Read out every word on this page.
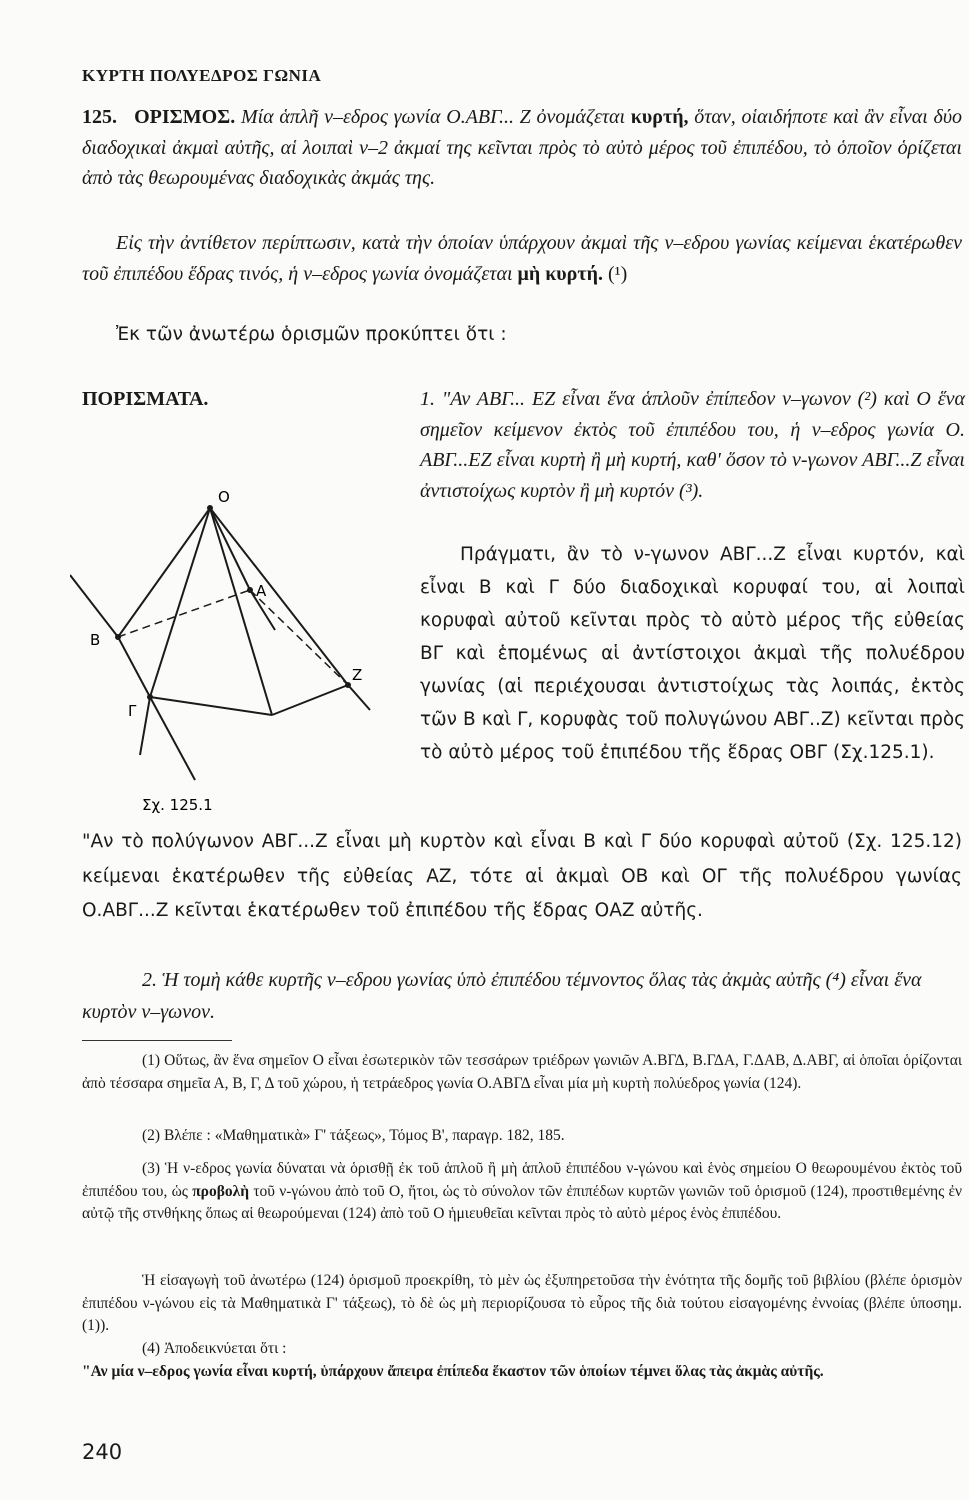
ΚΥΡΤΗ ΠΟΛΥΕΔΡΟΣ ΓΩΝΙΑ
125. ΟΡΙΣΜΟΣ. Μία ἁπλῆ ν–εδρος γωνία Ο.ΑΒΓ... Ζ ὀνομάζεται κυρτή, ὅταν, οἱαιδήποτε καὶ ἂν εἶναι δύο διαδοχικαὶ ἀκμαὶ αὐτῆς, αἱ λοιπαὶ ν–2 ἀκμαί της κεῖνται πρὸς τὸ αὐτὸ μέρος τοῦ ἐπιπέδου, τὸ ὁποῖον ὁρίζεται ἀπὸ τὰς θεωρουμένας διαδοχικὰς ἀκμάς της.
Εἰς τὴν ἀντίθετον περίπτωσιν, κατὰ τὴν ὁποίαν ὑπάρχουν ἀκμαὶ τῆς ν–εδρου γωνίας κείμεναι ἑκατέρωθεν τοῦ ἐπιπέδου ἕδρας τινός, ἡ ν–εδρος γωνία ὀνομάζεται μὴ κυρτή. (¹)
Ἐκ τῶν ἀνωτέρω ὁρισμῶν προκύπτει ὅτι :
ΠΟΡΙΣΜΑΤΑ.	1. "Αν ΑΒΓ... ΕΖ εἶναι ἕνα ἁπλοῦν ἐπίπεδον ν–γωνον (²) καὶ Ο ἕνα σημεῖον κείμενον ἐκτὸς τοῦ ἐπιπέδου του, ἡ ν–εδρος γωνία Ο. ΑΒΓ...ΕΖ εἶναι κυρτὴ ἢ μὴ κυρτή, καθ' ὅσον τὸ ν-γωνον ΑΒΓ...Ζ εἶναι ἀντιστοίχως κυρτὸν ἢ μὴ κυρτόν (³).
Πράγματι, ἂν τὸ ν-γωνον ΑΒΓ...Ζ εἶναι κυρτόν, καὶ εἶναι Β καὶ Γ δύο διαδοχικαὶ κορυφαί του, αἱ λοιπαὶ κορυφαὶ αὐτοῦ κεῖνται πρὸς τὸ αὐτὸ μέρος τῆς εὐθείας ΒΓ καὶ ἑπομένως αἱ ἀντίστοιχοι ἀκμαὶ τῆς πολυέδρου γωνίας (αἱ περιέχουσαι ἀντιστοίχως τὰς λοιπάς, ἐκτὸς τῶν Β καὶ Γ, κορυφὰς τοῦ πολυγώνου ΑΒΓ..Ζ) κεῖνται πρὸς τὸ αὐτὸ μέρος τοῦ ἐπιπέδου τῆς ἕδρας ΟΒΓ (Σχ.125.1).
Ο
Β
Γ
Α
Ζ
Σχ. 125.1
"Αν τὸ πολύγωνον ΑΒΓ...Ζ εἶναι μὴ κυρτὸν καὶ εἶναι Β καὶ Γ δύο κορυφαὶ αὐτοῦ (Σχ. 125.12) κείμεναι ἑκατέρωθεν τῆς εὐθείας ΑΖ, τότε αἱ ἀκμαὶ ΟΒ καὶ ΟΓ τῆς πολυέδρου γωνίας Ο.ΑΒΓ...Ζ κεῖνται ἑκατέρωθεν τοῦ ἐπιπέδου τῆς ἕδρας ΟΑΖ αὐτῆς.
2. Ἡ τομὴ κάθε κυρτῆς ν–εδρου γωνίας ὑπὸ ἐπιπέδου τέμνοντος ὅλας τὰς ἀκμὰς αὐτῆς (⁴) εἶναι ἕνα κυρτὸν ν–γωνον.
(1) Οὕτως, ἂν ἕνα σημεῖον Ο εἶναι ἐσωτερικὸν τῶν τεσσάρων τριέδρων γωνιῶν Α.ΒΓΔ, Β.ΓΔΑ, Γ.ΔΑΒ, Δ.ΑΒΓ, αἱ ὁποῖαι ὁρίζονται ἀπὸ τέσσαρα σημεῖα Α, Β, Γ, Δ τοῦ χώρου, ἡ τετράεδρος γωνία Ο.ΑΒΓΔ εἶναι μία μὴ κυρτὴ πολύεδρος γωνία (124).
(2) Βλέπε : «Μαθηματικὰ» Γ' τάξεως», Τόμος Β', παραγρ. 182, 185.
(3) Ἡ ν-εδρος γωνία δύναται νὰ ὁρισθῇ ἐκ τοῦ ἁπλοῦ ἢ μὴ ἁπλοῦ ἐπιπέδου ν-γώνου καὶ ἑνὸς σημείου Ο θεωρουμένου ἐκτὸς τοῦ ἐπιπέδου του, ὡς προβολὴ τοῦ ν-γώνου ἀπὸ τοῦ Ο, ἤτοι, ὡς τὸ σύνολον τῶν ἐπιπέδων κυρτῶν γωνιῶν τοῦ ὁρισμοῦ (124), προστιθεμένης ἐν αὐτῷ τῆς στνθήκης ὅπως αἱ θεωρούμεναι (124) ἀπὸ τοῦ Ο ἡμιευθεῖαι κεῖνται πρὸς τὸ αὐτὸ μέρος ἑνὸς ἐπιπέδου.
Ἡ εἰσαγωγὴ τοῦ ἀνωτέρω (124) ὁρισμοῦ προεκρίθη, τὸ μὲν ὡς ἐξυπηρετοῦσα τὴν ἑνότητα τῆς δομῆς τοῦ βιβλίου (βλέπε ὁρισμὸν ἐπιπέδου ν-γώνου εἰς τὰ Μαθηματικὰ Γ' τάξεως), τὸ δὲ ὡς μὴ περιορίζουσα τὸ εὖρος τῆς διὰ τούτου εἰσαγομένης ἐννοίας (βλέπε ὑποσημ. (1)).
(4) Ἀποδεικνύεται ὅτι :
"Αν μία ν–εδρος γωνία εἶναι κυρτή, ὑπάρχουν ἄπειρα ἐπίπεδα ἕκαστον τῶν ὁποίων τέμνει ὅλας τὰς ἀκμὰς αὐτῆς.
240
